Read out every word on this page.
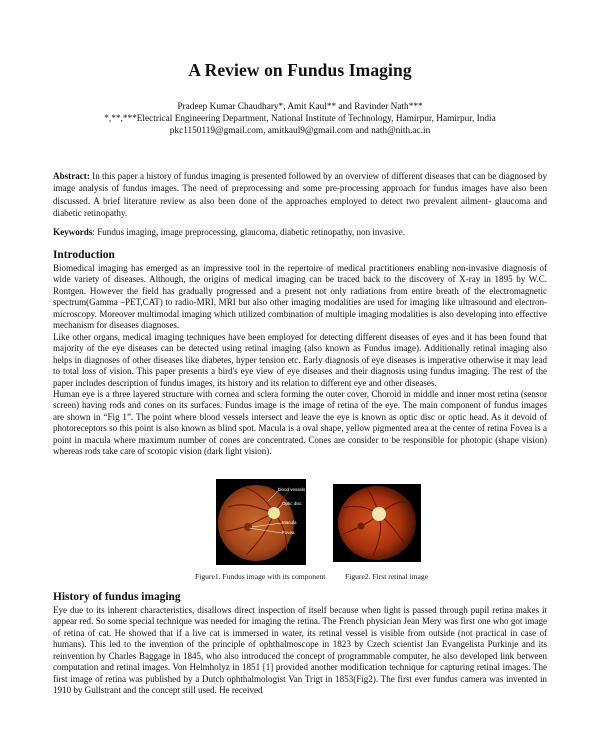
A Review on Fundus Imaging
Pradeep Kumar Chaudhary*, Amit Kaul** and Ravinder Nath***
*,**,***Electrical Engineering Department, National Institute of Technology, Hamirpur, Hamirpur, India
pkc1150119@gmail.com, amitkaul9@gmail.com and nath@nith.ac.in
Abstract: In this paper a history of fundus imaging is presented followed by an overview of different diseases that can be diagnosed by image analysis of fundus images. The need of preprocessing and some pre-processing approach for fundus images have also been discussed. A brief literature review as also been done of the approaches employed to detect two prevalent ailment- glaucoma and diabetic retinopathy.
Keywords: Fundus imaging, image preprocessing, glaucoma, diabetic retinopathy, non invasive.
Introduction

Biomedical imaging has emerged as an impressive tool in the repertoire of medical practitioners enabling non-invasive diagnosis of wide variety of diseases. Although, the origins of medical imaging can be traced back to the discovery of X-ray in 1895 by W.C. Rontgen. However the field has gradually progressed and a present not only radiations from entire breath of the electromagnetic spectrum(Gamma –PET,CAT) to radio-MRI, MRI but also other imaging modalities are used for imaging like ultrasound and electron-microscopy. Moreover multimodal imaging which utilized combination of multiple imaging modalities is also developing into effective mechanism for diseases diagnoses.

Like other organs, medical imaging techniques have been employed for detecting different diseases of eyes and it has been found that majority of the eye diseases can be detected using retinal imaging (also known as Fundus image). Additionally retinal imaging also helps in diagnoses of other diseases like diabetes, hyper tension etc. Early diagnosis of eye diseases is imperative otherwise it may lead to total loss of vision. This paper presents a bird's eye view of eye diseases and their diagnosis using fundus imaging. The rest of the paper includes description of fundus images, its history and its relation to different eye and other diseases.

Human eye is a three layered structure with cornea and sclera forming the outer cover, Choroid in middle and inner most retina (sensor screen) having rods and cones on its surfaces. Fundus image is the image of retina of the eye. The main component of fundus images are shown in “Fig 1”. The point where blood vessels intersect and leave the eye is known as optic disc or optic head. As it devoid of photoreceptors so this point is also known as blind spot. Macula is a oval shape, yellow pigmented area at the center of retina Fovea is a point in macula where maximum number of cones are concentrated. Cones are consider to be responsible for photopic (shape vision) whereas rods take care of scotopic vision (dark light vision).

blood vessels
Optic disc
Macula
Fovea
Figure1. Fundus image with its component	Figure2. First retinal image
History of fundus imaging

Eye due to its inherent characteristics, disallows direct inspection of itself because when light is passed through pupil retina makes it appear red. So some special technique was needed for imaging the retina. The French physician Jean Mery was first one who got image of retina of cat. He showed that if a live cat is immersed in water, its retinal vessel is visible from outside (not practical in case of humans). This led to the invention of the principle of ophthalmoscope in 1823 by Czech scientist Jan Evangelista Purkinje and its reinvention by Charles Baggage in 1845, who also introduced the concept of programmable computer, he also developed link between computation and retinal images. Von Helmholyz in 1851 [1] provided another modification technique for capturing retinal images. The first image of retina was published by a Dutch ophthalmologist Van Trigt in 1853(Fig2). The first ever fundus camera was invented in 1910 by Gullstrant and the concept still used. He received
